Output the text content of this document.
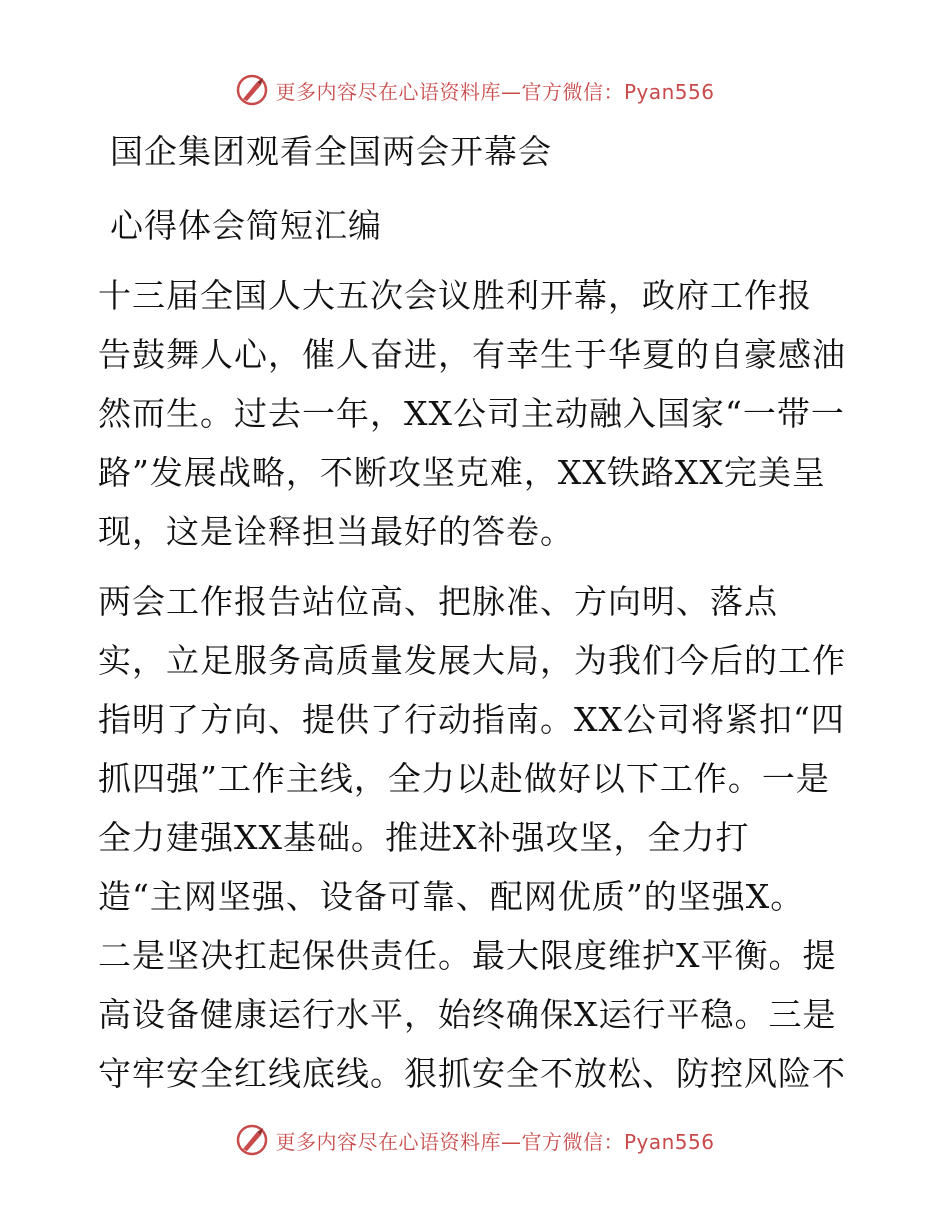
更多内容尽在心语资料库—官方微信：Pyan556
国企集团观看全国两会开幕会
心得体会简短汇编
十三届全国人大五次会议胜利开幕，政府工作报
告鼓舞人心，催人奋进，有幸生于华夏的自豪感油
然而生。过去一年，XX公司主动融入国家“一带一
路”发展战略，不断攻坚克难，XX铁路XX完美呈
现，这是诠释担当最好的答卷。
两会工作报告站位高、把脉准、方向明、落点
实，立足服务高质量发展大局，为我们今后的工作
指明了方向、提供了行动指南。XX公司将紧扣“四
抓四强”工作主线，全力以赴做好以下工作。一是
全力建强XX基础。推进X补强攻坚，全力打
造“主网坚强、设备可靠、配网优质”的坚强X。
二是坚决扛起保供责任。最大限度维护X平衡。提
高设备健康运行水平，始终确保X运行平稳。三是
守牢安全红线底线。狠抓安全不放松、防控风险不
更多内容尽在心语资料库—官方微信：Pyan556
